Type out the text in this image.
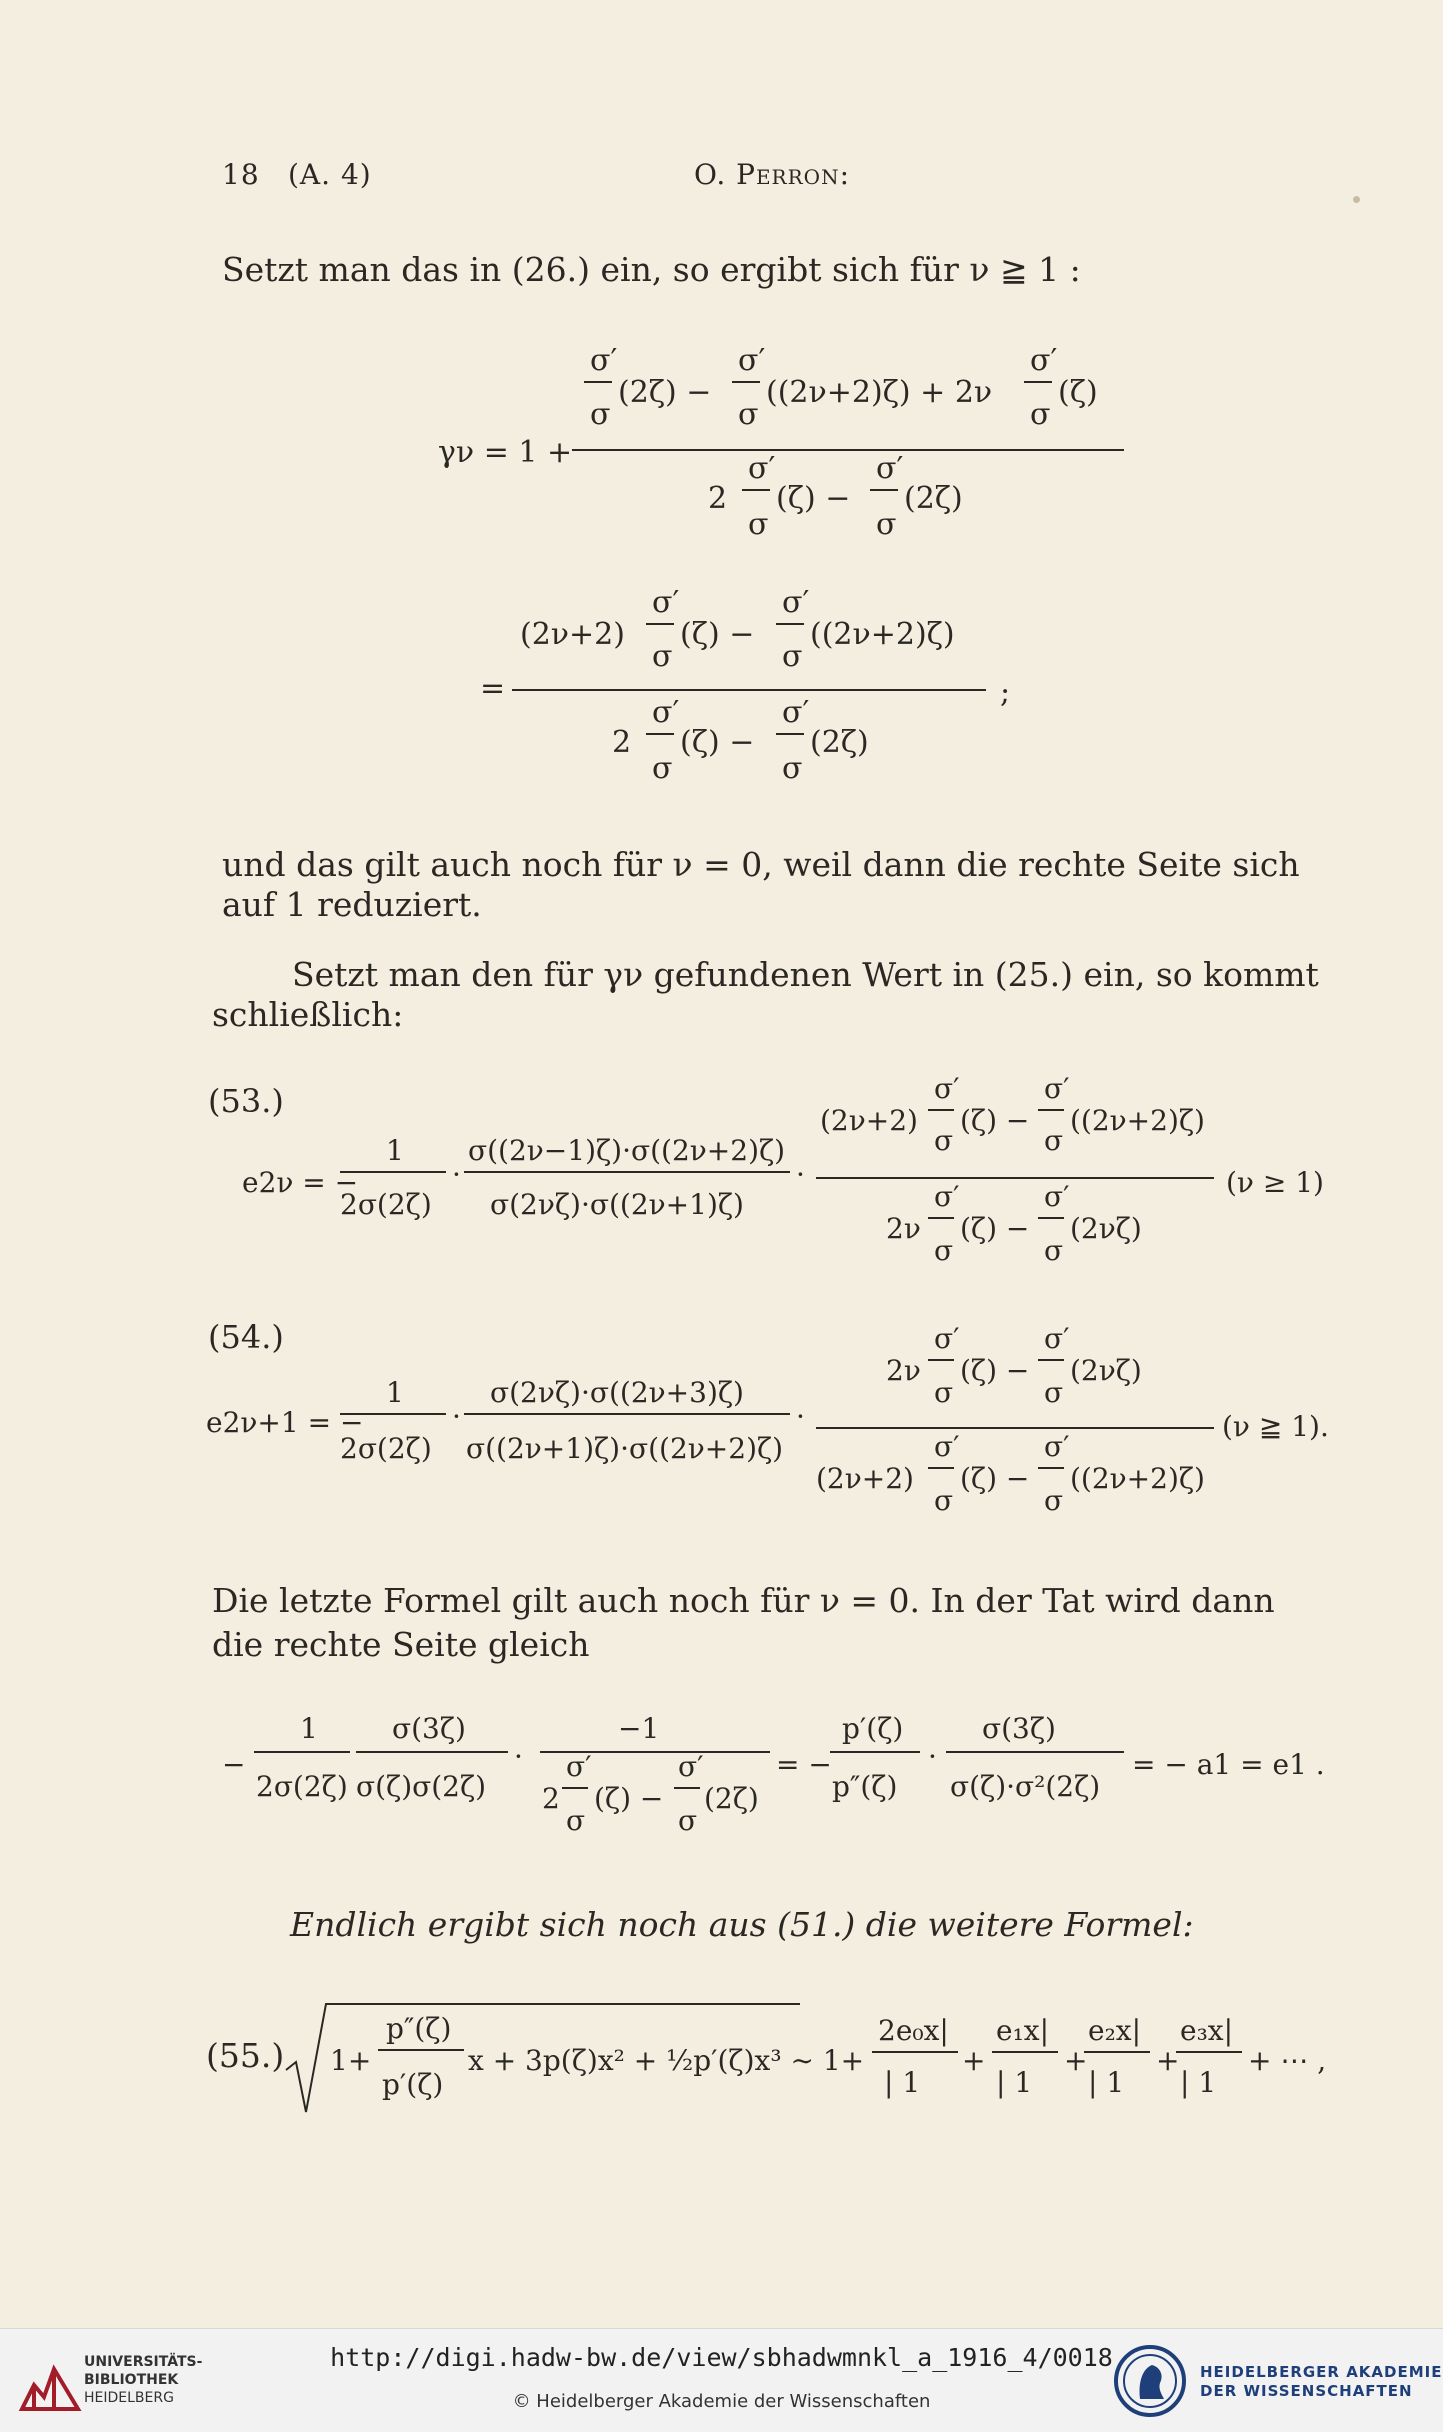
18 (A. 4)	O. Perron:
Setzt man das in (26.) ein, so ergibt sich für ν ≧ 1 :
γν = 1 +
σ′
σ
(2ζ) −
σ′
σ
((2ν+2)ζ) + 2ν
σ′
σ
(ζ)
2
σ′
σ
(ζ) −
σ′
σ
(2ζ)
=
(2ν+2)
σ′
σ
(ζ) −
σ′
σ
((2ν+2)ζ)
;
2
σ′
σ
(ζ) −
σ′
σ
(2ζ)
und das gilt auch noch für ν = 0, weil dann die rechte Seite sich
auf 1 reduziert.
Setzt man den für γν gefundenen Wert in (25.) ein, so kommt
schließlich:
(53.)
(54.)
e2ν = −
1
2σ(2ζ)
·
σ((2ν−1)ζ)·σ((2ν+2)ζ)
σ(2νζ)·σ((2ν+1)ζ)
·
(2ν+2)
σ′
σ
(ζ) −
σ′
σ
((2ν+2)ζ)
2ν
σ′
σ
(ζ) −
σ′
σ
(2νζ)
(ν ≥ 1)
e2ν+1 = −
1
2σ(2ζ)
·
σ(2νζ)·σ((2ν+3)ζ)
σ((2ν+1)ζ)·σ((2ν+2)ζ)
·
2ν
σ′
σ
(ζ) −
σ′
σ
(2νζ)
(2ν+2)
σ′
σ
(ζ) −
σ′
σ
((2ν+2)ζ)
(ν ≧ 1).
Die letzte Formel gilt auch noch für ν = 0. In der Tat wird dann
die rechte Seite gleich
−
1
2σ(2ζ)
σ(3ζ)
σ(ζ)σ(2ζ)
·
−1
2
σ′
σ
(ζ) −
σ′
σ
(2ζ)
= −
p′(ζ)
p″(ζ)
·
σ(3ζ)
σ(ζ)·σ²(2ζ)
= − a1 = e1 .
Endlich ergibt sich noch aus (51.) die weitere Formel:
(55.) 1+
p″(ζ)
p′(ζ)
x + 3p(ζ)x² + ½p′(ζ)x³ ∼ 1+
2e₀x|
| 1
+
e₁x|
| 1
+
e₂x|
| 1
+
e₃x|
| 1
+ ⋯ ,
UNIVERSITÄTS-
BIBLIOTHEK
HEIDELBERG
http://digi.hadw-bw.de/view/sbhadwmnkl_a_1916_4/0018
© Heidelberger Akademie der Wissenschaften
HEIDELBERGER AKADEMIE
DER WISSENSCHAFTEN
